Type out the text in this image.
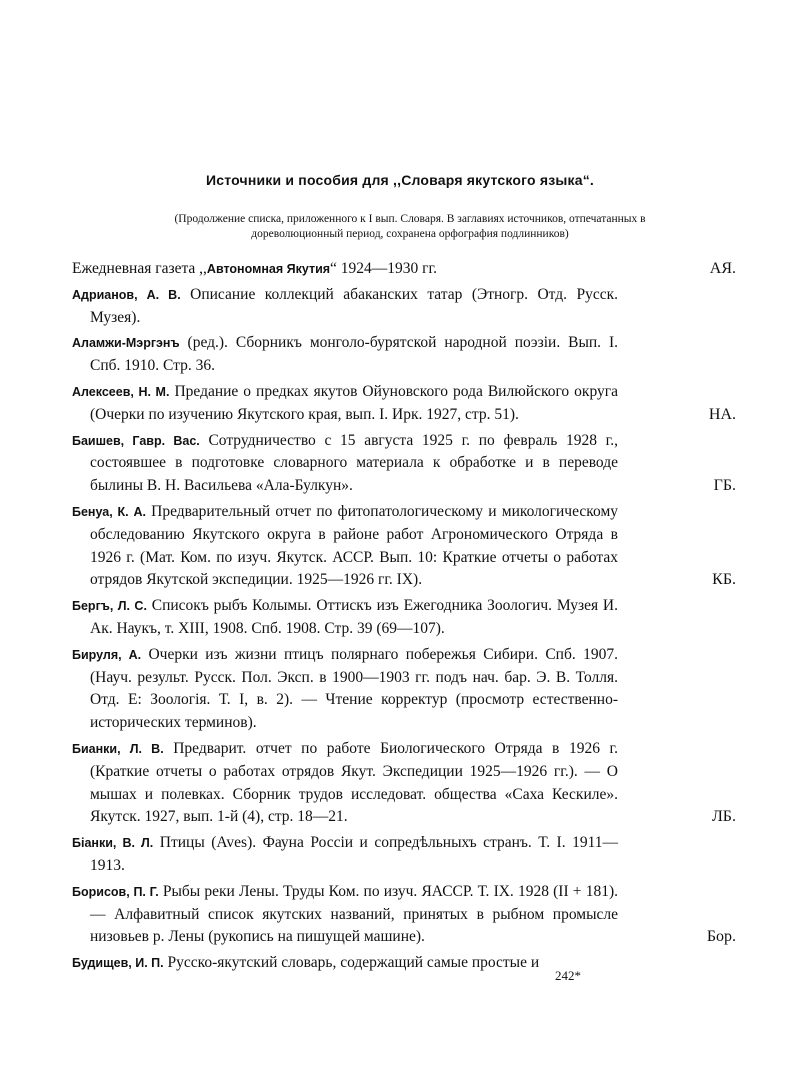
Источники и пособия для ,,Словаря якутского языка“.
(Продолжение списка, приложенного к I вып. Словаря. В заглавиях источников, отпечатанных в дореволюционный период, сохранена орфография подлинников)
Ежедневная газета ,,Автономная Якутия“ 1924—1930 гг.	АЯ.
Адрианов, А. В. Описание коллекций абаканских татар (Этногр. Отд. Русск. Музея).
Аламжи-Мэргэнъ (ред.). Сборникъ монголо-бурятской народной поэзiи. Вып. I. Спб. 1910. Стр. 36.
Алексеев, Н. М. Предание о предках якутов Ойуновского рода Вилюйского округа (Очерки по изучению Якутского края, вып. I. Ирк. 1927, стр. 51).	НА.
Баишев, Гавр. Вас. Сотрудничество с 15 августа 1925 г. по февраль 1928 г., состоявшее в подготовке словарного материала к обработке и в переводе былины В. Н. Васильева «Ала-Булкун».	ГБ.
Бенуа, К. А. Предварительный отчет по фитопатологическому и микологическому обследованию Якутского округа в районе работ Агрономического Отряда в 1926 г. (Мат. Ком. по изуч. Якутск. АССР. Вып. 10: Краткие отчеты о работах отрядов Якутской экспедиции. 1925—1926 гг. IX).	КБ.
Бергъ, Л. С. Списокъ рыбъ Колымы. Оттискъ изъ Ежегодника Зоологич. Музея И. Ак. Наукъ, т. XIII, 1908. Спб. 1908. Стр. 39 (69—107).
Бируля, А. Очерки изъ жизни птицъ полярнаго побережья Сибири. Спб. 1907. (Науч. результ. Русск. Пол. Эксп. в 1900—1903 гг. подъ нач. бар. Э. В. Толля. Отд. Е: Зоологiя. Т. I, в. 2). — Чтение корректур (просмотр естественно-исторических терминов).
Бианки, Л. В. Предварит. отчет по работе Биологического Отряда в 1926 г. (Краткие отчеты о работах отрядов Якут. Экспедиции 1925—1926 гг.). — О мышах и полевках. Сборник трудов исследоват. общества «Саха Кескиле». Якутск. 1927, вып. 1-й (4), стр. 18—21.	ЛБ.
Бiанки, В. Л. Птицы (Aves). Фауна Россiи и сопредѣльныхъ странъ. Т. I. 1911—1913.
Борисов, П. Г. Рыбы реки Лены. Труды Ком. по изуч. ЯАССР. Т. IX. 1928 (II + 181). — Алфавитный список якутских названий, принятых в рыбном промысле низовьев р. Лены (рукопись на пишущей машине).	Бор.
Будищев, И. П. Русско-якутский словарь, содержащий самые простые и
242*
